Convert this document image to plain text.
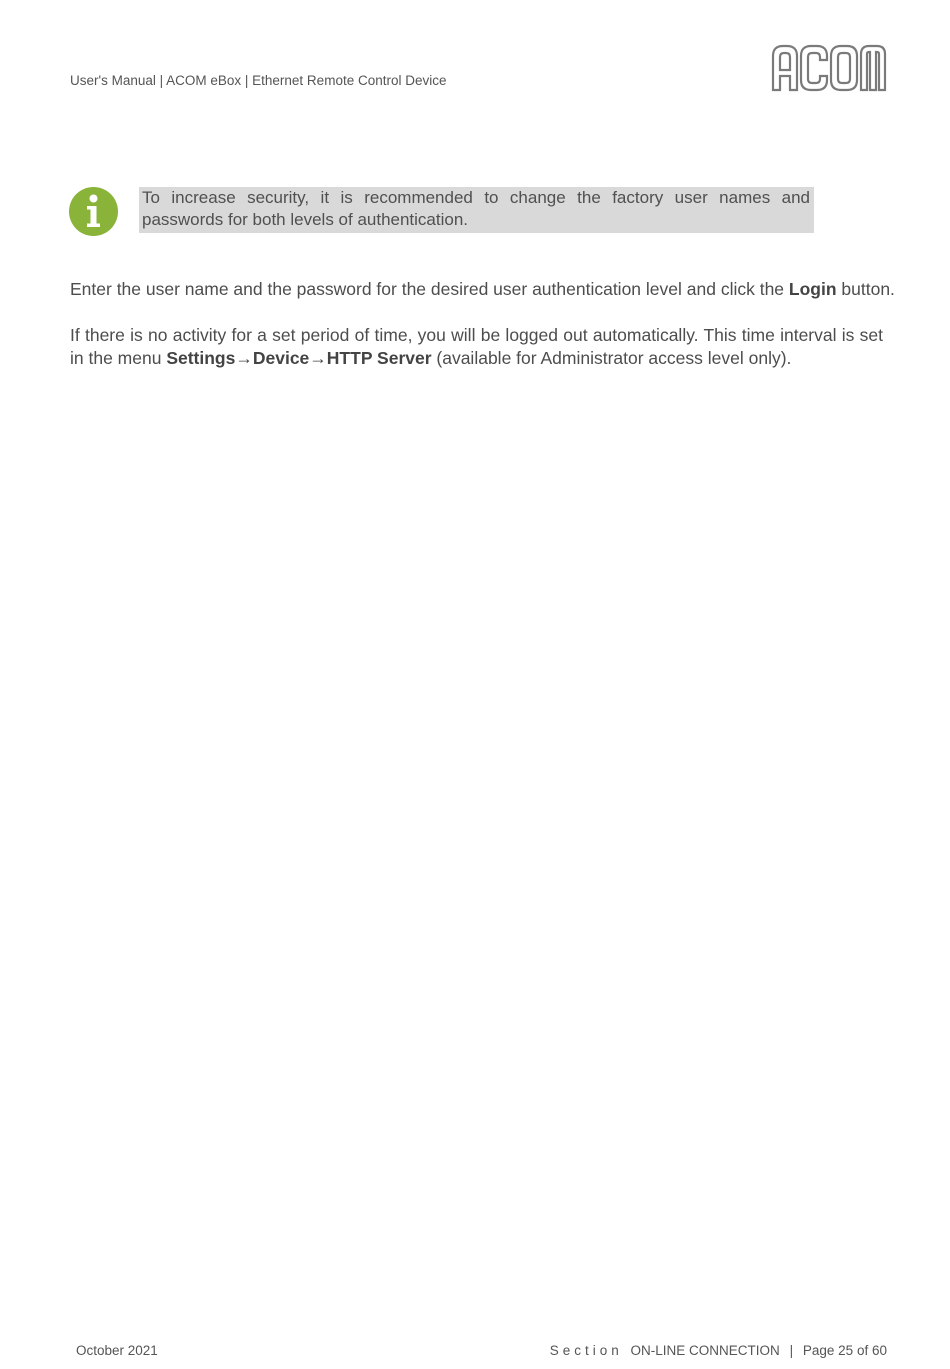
User's Manual | ACOM eBox | Ethernet Remote Control Device
To increase security, it is recommended to change the factory user names and
passwords for both levels of authentication.
Enter the user name and the password for the desired user authentication level and click the Login button.
If there is no activity for a set period of time, you will be logged out automatically. This time interval is set
in the menu Settings→Device→HTTP Server (available for Administrator access level only).
October 2021	Section ON-LINE CONNECTION | Page 25 of 60
